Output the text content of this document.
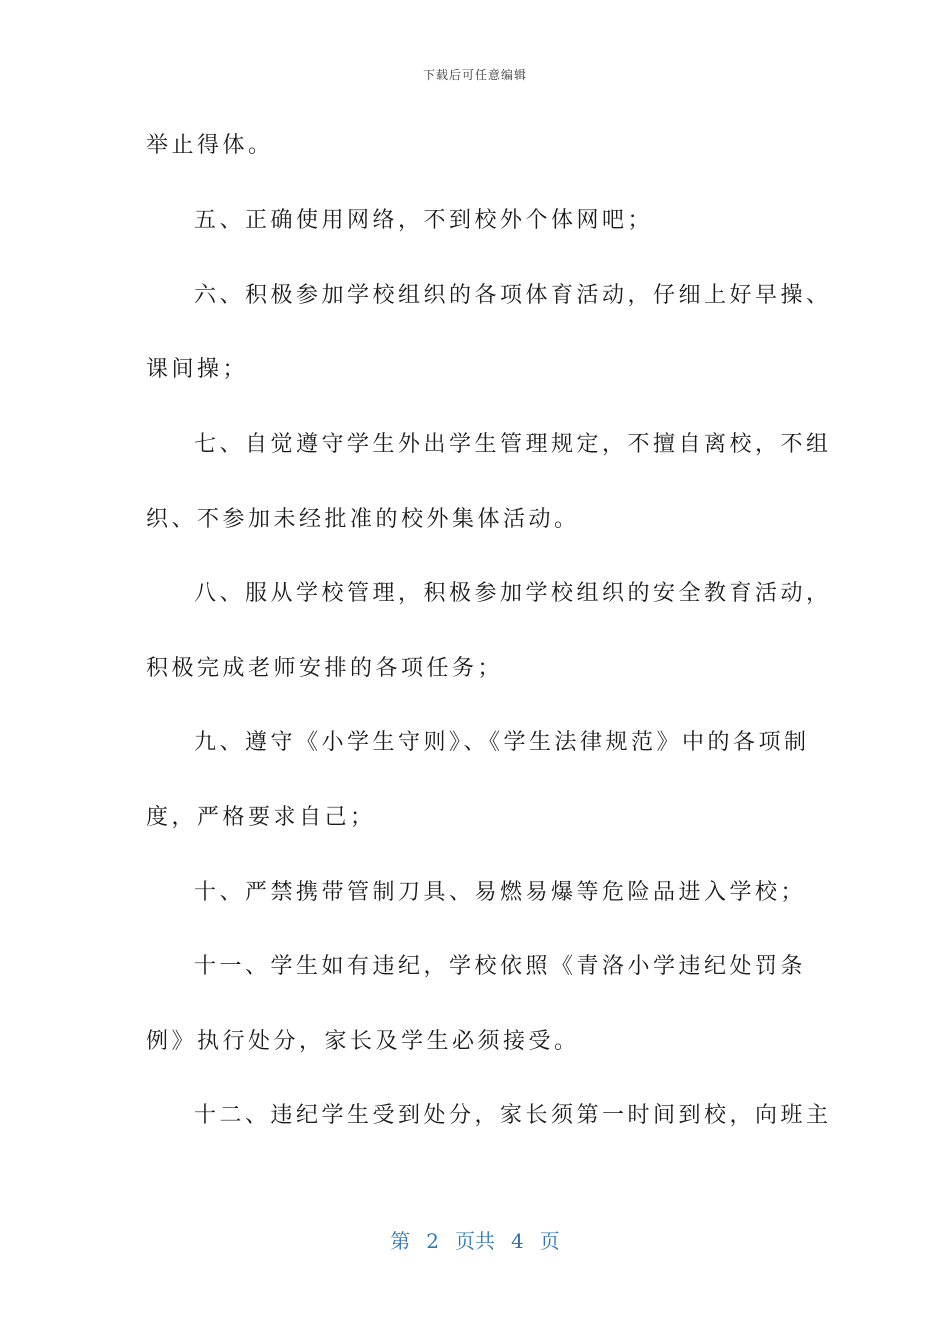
下载后可任意编辑
举止得体。
五、正确使用网络，不到校外个体网吧；
六、积极参加学校组织的各项体育活动，仔细上好早操、
课间操；
七、自觉遵守学生外出学生管理规定，不擅自离校，不组
织、不参加未经批准的校外集体活动。
八、服从学校管理，积极参加学校组织的安全教育活动，
积极完成老师安排的各项任务；
九、遵守《小学生守则》、《学生法律规范》中的各项制
度，严格要求自己；
十、严禁携带管制刀具、易燃易爆等危险品进入学校；
十一、学生如有违纪，学校依照《青洛小学违纪处罚条
例》执行处分，家长及学生必须接受。
十二、违纪学生受到处分，家长须第一时间到校，向班主
第 2 页共 4 页
